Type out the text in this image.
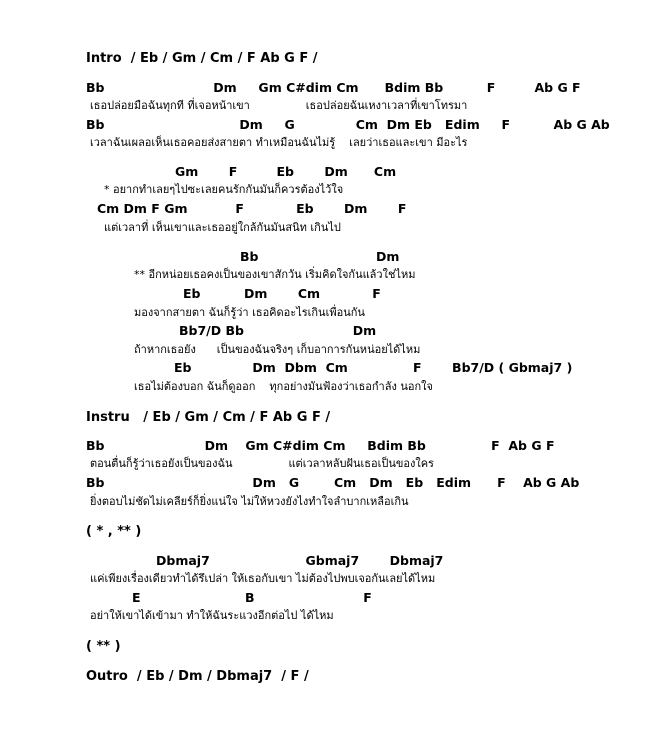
Intro  / Eb / Gm / Cm / F Ab G F /
Bb                         Dm     Gm C#dim Cm      Bdim Bb          F         Ab G F
เธอปล่อยมือฉันทุกที ที่เจอหน้าเขา                เธอปล่อยฉันเหงาเวลาที่เขาโทรมา
Bb                               Dm     G              Cm  Dm Eb   Edim     F          Ab G Ab
เวลาฉันเผลอเห็นเธอคอยส่งสายตา ทำเหมือนฉันไม่รู้    เลยว่าเธอและเขา มีอะไร
Gm       F         Eb       Dm      Cm
* อยากทำเลยๆไปซะเลยคนรักกันมันก็ควรต้องไว้ใจ
Cm Dm F Gm           F            Eb       Dm       F
แต่เวลาที่ เห็นเขาและเธออยู่ใกล้กันมันสนิท เกินไป
Bb                           Dm
** อีกหน่อยเธอคงเป็นของเขาสักวัน เริ่มคิดใจกันแล้วใช่ไหม
Eb          Dm       Cm            F
มองจากสายตา ฉันก็รู้ว่า เธอคิดอะไรเกินเพื่อนกัน
Bb7/D Bb                         Dm
ถ้าหากเธอยัง      เป็นของฉันจริงๆ เก็บอาการกันหน่อยได้ไหม
Eb              Dm  Dbm  Cm               F       Bb7/D ( Gbmaj7 )
เธอไม่ต้องบอก ฉันก็ดูออก    ทุกอย่างมันฟ้องว่าเธอกำลัง นอกใจ
Instru   / Eb / Gm / Cm / F Ab G F /
Bb                       Dm    Gm C#dim Cm     Bdim Bb               F  Ab G F
ตอนตื่นก็รู้ว่าเธอยังเป็นของฉัน                แต่เวลาหลับฝันเธอเป็นของใคร
Bb                                  Dm   G        Cm   Dm   Eb   Edim      F    Ab G Ab
ยิ่งตอบไม่ชัดไม่เคลียร์ก็ยิ่งแน่ใจ ไม่ให้หวงยังไงทำใจลำบากเหลือเกิน
( * , ** )
Dbmaj7                      Gbmaj7       Dbmaj7
แค่เพียงเรื่องเดียวทำได้รึเปล่า ให้เธอกับเขา ไม่ต้องไปพบเจอกันเลยได้ไหม
E                        B                         F
อย่าให้เขาได้เข้ามา ทำให้ฉันระแวงอีกต่อไป ได้ไหม
( ** )
Outro  / Eb / Dm / Dbmaj7  / F /
